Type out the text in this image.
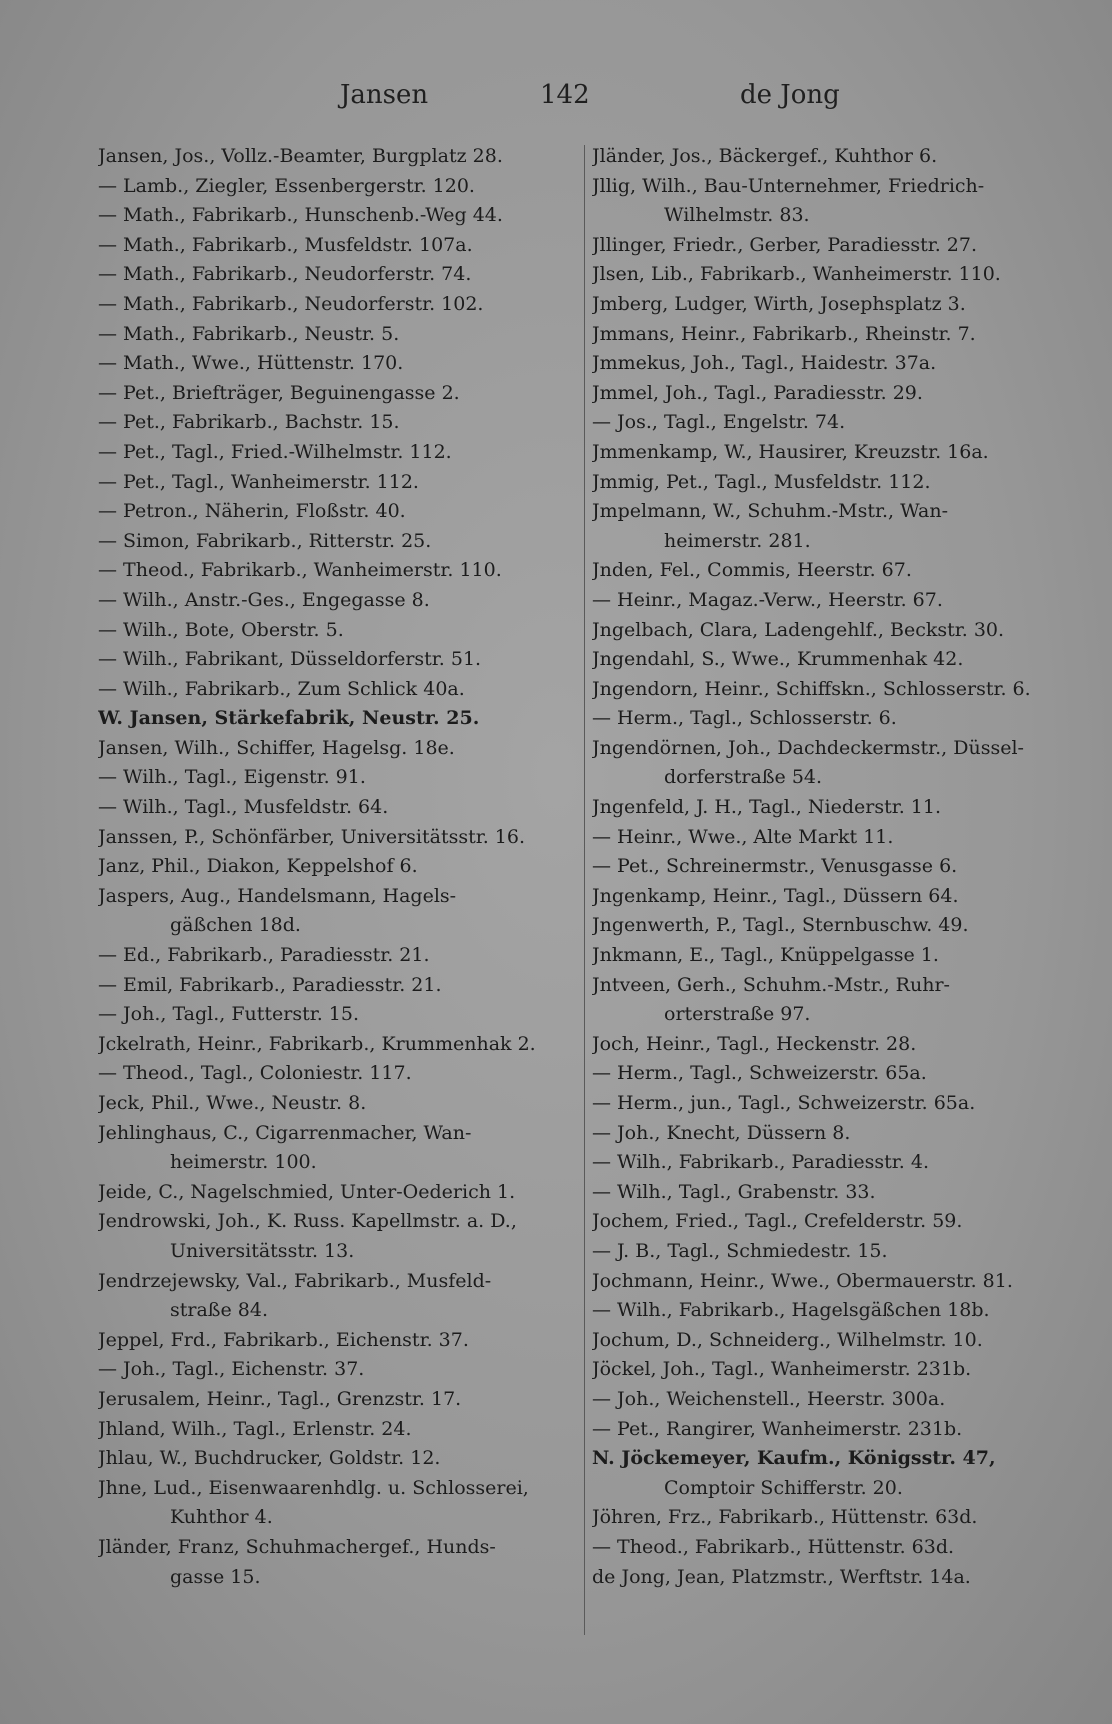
Jansen	142	de Jong
Jansen, Jos., Vollz.-Beamter, Burgplatz 28.
— Lamb., Ziegler, Essenbergerstr. 120.
— Math., Fabrikarb., Hunschenb.-Weg 44.
— Math., Fabrikarb., Musfeldstr. 107a.
— Math., Fabrikarb., Neudorferstr. 74.
— Math., Fabrikarb., Neudorferstr. 102.
— Math., Fabrikarb., Neustr. 5.
— Math., Wwe., Hüttenstr. 170.
— Pet., Briefträger, Beguinengasse 2.
— Pet., Fabrikarb., Bachstr. 15.
— Pet., Tagl., Fried.-Wilhelmstr. 112.
— Pet., Tagl., Wanheimerstr. 112.
— Petron., Näherin, Floßstr. 40.
— Simon, Fabrikarb., Ritterstr. 25.
— Theod., Fabrikarb., Wanheimerstr. 110.
— Wilh., Anstr.-Ges., Engegasse 8.
— Wilh., Bote, Oberstr. 5.
— Wilh., Fabrikant, Düsseldorferstr. 51.
— Wilh., Fabrikarb., Zum Schlick 40a.
W. Jansen, Stärkefabrik, Neustr. 25.
Jansen, Wilh., Schiffer, Hagelsg. 18e.
— Wilh., Tagl., Eigenstr. 91.
— Wilh., Tagl., Musfeldstr. 64.
Janssen, P., Schönfärber, Universitätsstr. 16.
Janz, Phil., Diakon, Keppelshof 6.
Jaspers, Aug., Handelsmann, Hagels-
gäßchen 18d.
— Ed., Fabrikarb., Paradiesstr. 21.
— Emil, Fabrikarb., Paradiesstr. 21.
— Joh., Tagl., Futterstr. 15.
Jckelrath, Heinr., Fabrikarb., Krummenhak 2.
— Theod., Tagl., Coloniestr. 117.
Jeck, Phil., Wwe., Neustr. 8.
Jehlinghaus, C., Cigarrenmacher, Wan-
heimerstr. 100.
Jeide, C., Nagelschmied, Unter-Oederich 1.
Jendrowski, Joh., K. Russ. Kapellmstr. a. D.,
Universitätsstr. 13.
Jendrzejewsky, Val., Fabrikarb., Musfeld-
straße 84.
Jeppel, Frd., Fabrikarb., Eichenstr. 37.
— Joh., Tagl., Eichenstr. 37.
Jerusalem, Heinr., Tagl., Grenzstr. 17.
Jhland, Wilh., Tagl., Erlenstr. 24.
Jhlau, W., Buchdrucker, Goldstr. 12.
Jhne, Lud., Eisenwaarenhdlg. u. Schlosserei,
Kuhthor 4.
Jländer, Franz, Schuhmachergef., Hunds-
gasse 15.
Jländer, Jos., Bäckergef., Kuhthor 6.
Jllig, Wilh., Bau-Unternehmer, Friedrich-
Wilhelmstr. 83.
Jllinger, Friedr., Gerber, Paradiesstr. 27.
Jlsen, Lib., Fabrikarb., Wanheimerstr. 110.
Jmberg, Ludger, Wirth, Josephsplatz 3.
Jmmans, Heinr., Fabrikarb., Rheinstr. 7.
Jmmekus, Joh., Tagl., Haidestr. 37a.
Jmmel, Joh., Tagl., Paradiesstr. 29.
— Jos., Tagl., Engelstr. 74.
Jmmenkamp, W., Hausirer, Kreuzstr. 16a.
Jmmig, Pet., Tagl., Musfeldstr. 112.
Jmpelmann, W., Schuhm.-Mstr., Wan-
heimerstr. 281.
Jnden, Fel., Commis, Heerstr. 67.
— Heinr., Magaz.-Verw., Heerstr. 67.
Jngelbach, Clara, Ladengehlf., Beckstr. 30.
Jngendahl, S., Wwe., Krummenhak 42.
Jngendorn, Heinr., Schiffskn., Schlosserstr. 6.
— Herm., Tagl., Schlosserstr. 6.
Jngendörnen, Joh., Dachdeckermstr., Düssel-
dorferstraße 54.
Jngenfeld, J. H., Tagl., Niederstr. 11.
— Heinr., Wwe., Alte Markt 11.
— Pet., Schreinermstr., Venusgasse 6.
Jngenkamp, Heinr., Tagl., Düssern 64.
Jngenwerth, P., Tagl., Sternbuschw. 49.
Jnkmann, E., Tagl., Knüppelgasse 1.
Jntveen, Gerh., Schuhm.-Mstr., Ruhr-
orterstraße 97.
Joch, Heinr., Tagl., Heckenstr. 28.
— Herm., Tagl., Schweizerstr. 65a.
— Herm., jun., Tagl., Schweizerstr. 65a.
— Joh., Knecht, Düssern 8.
— Wilh., Fabrikarb., Paradiesstr. 4.
— Wilh., Tagl., Grabenstr. 33.
Jochem, Fried., Tagl., Crefelderstr. 59.
— J. B., Tagl., Schmiedestr. 15.
Jochmann, Heinr., Wwe., Obermauerstr. 81.
— Wilh., Fabrikarb., Hagelsgäßchen 18b.
Jochum, D., Schneiderg., Wilhelmstr. 10.
Jöckel, Joh., Tagl., Wanheimerstr. 231b.
— Joh., Weichenstell., Heerstr. 300a.
— Pet., Rangirer, Wanheimerstr. 231b.
N. Jöckemeyer, Kaufm., Königsstr. 47,
Comptoir Schifferstr. 20.
Jöhren, Frz., Fabrikarb., Hüttenstr. 63d.
— Theod., Fabrikarb., Hüttenstr. 63d.
de Jong, Jean, Platzmstr., Werftstr. 14a.
